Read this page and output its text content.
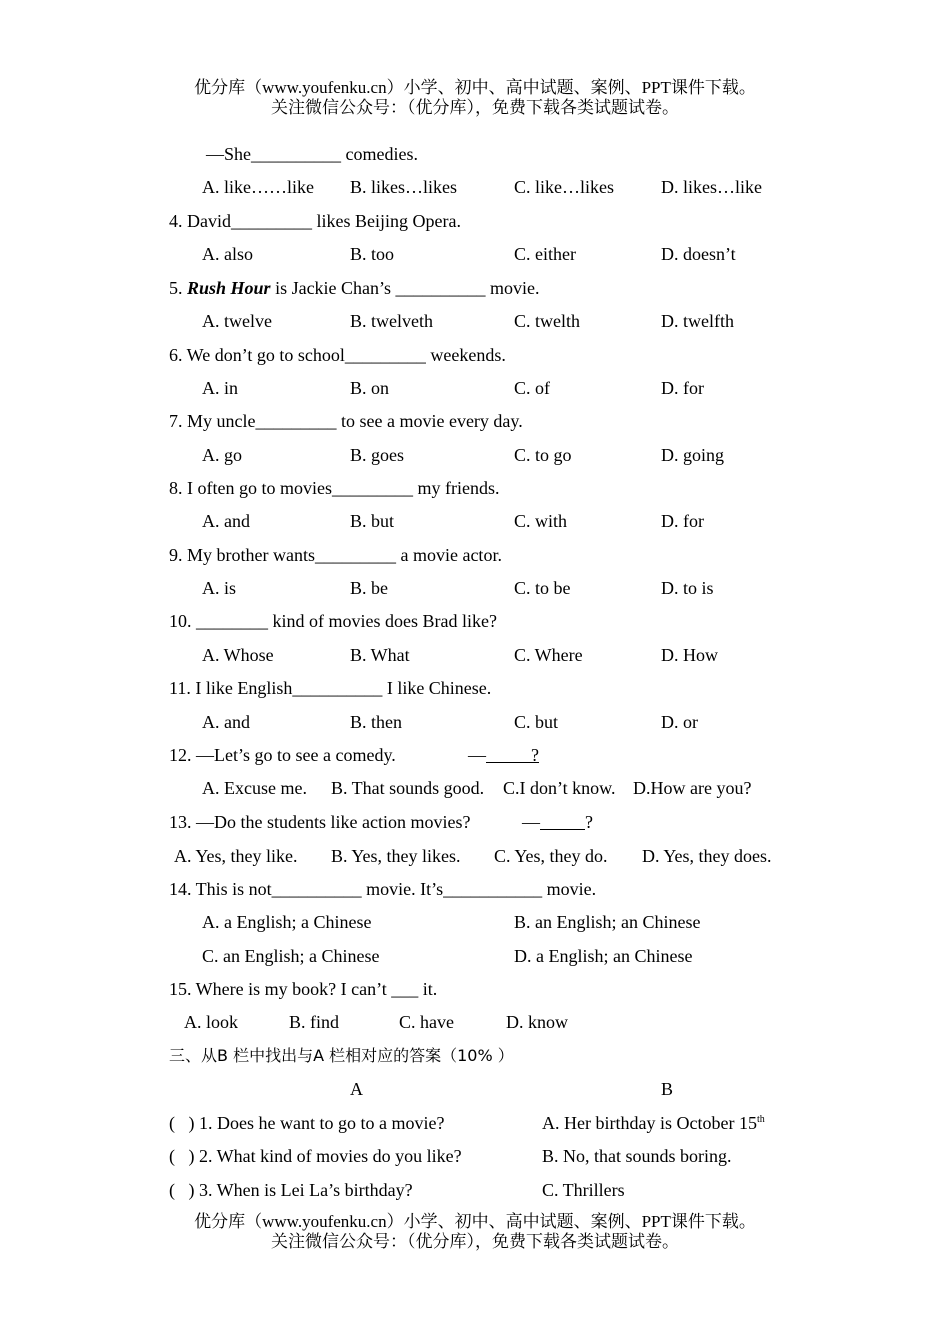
优分库（www.youfenku.cn）小学、初中、高中试题、案例、PPT课件下载。
关注微信公众号：（优分库），免费下载各类试题试卷。
—She__________ comedies.
A. like……like B. likes…likes	C. like…likes	D. likes…like
4. David_________ likes Beijing Opera.
A. also	B. too	C. either	D. doesn’t
5. Rush Hour is Jackie Chan’s __________ movie.
A. twelve	B. twelveth	C. twelth	D. twelfth
6. We don’t go to school_________ weekends.
A. in	B. on	C. of	D. for
7. My uncle_________ to see a movie every day.
A. go	B. goes	C. to go	D. going
8. I often go to movies_________ my friends.
A. and	B. but	C. with	D. for
9. My brother wants_________ a movie actor.
A. is	B. be	C. to be	D. to is
10. ________ kind of movies does Brad like?
A. Whose	B. What	C. Where	D. How
11. I like English__________ I like Chinese.
A. and	B. then	C. but	D. or
12. —Let’s go to see a comedy.	—          ?
A. Excuse me. B. That sounds good. C.I don’t know. D.How are you?
13. —Do the students like action movies?	—	?
A. Yes, they like. B. Yes, they likes. C. Yes, they do. D. Yes, they does.
14. This is not__________ movie. It’s___________ movie.
A. a English; a Chinese	B. an English; an Chinese
C. an English; a Chinese	D. a English; an Chinese
15. Where is my book? I can’t ___ it.
A. look	B. find	C. have	D. know
三、从B 栏中找出与A 栏相对应的答案（10% ）
A	B
(   ) 1. Does he want to go to a movie?	A. Her birthday is October 15th
(   ) 2. What kind of movies do you like?	B. No, that sounds boring.
(   ) 3. When is Lei La’s birthday?	C. Thrillers
优分库（www.youfenku.cn）小学、初中、高中试题、案例、PPT课件下载。
关注微信公众号：（优分库），免费下载各类试题试卷。
